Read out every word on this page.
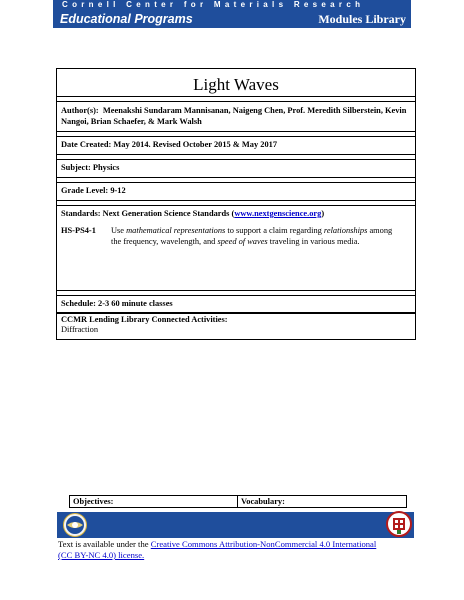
Cornell Center for Materials Research
Educational Programs	Modules Library
Light Waves
Author(s): Meenakshi Sundaram Mannisanan, Naigeng Chen, Prof. Meredith Silberstein, Kevin Nangoi, Brian Schaefer, & Mark Walsh
Date Created: May 2014. Revised October 2015 & May 2017
Subject: Physics
Grade Level: 9-12
Standards: Next Generation Science Standards (www.nextgenscience.org)
HS-PS4-1 Use mathematical representations to support a claim regarding relationships among the frequency, wavelength, and speed of waves traveling in various media.
Schedule: 2-3 60 minute classes
CCMR Lending Library Connected Activities:
Diffraction
Objectives:	Vocabulary:
Text is available under the Creative Commons Attribution-NonCommercial 4.0 International (CC BY-NC 4.0) license.
